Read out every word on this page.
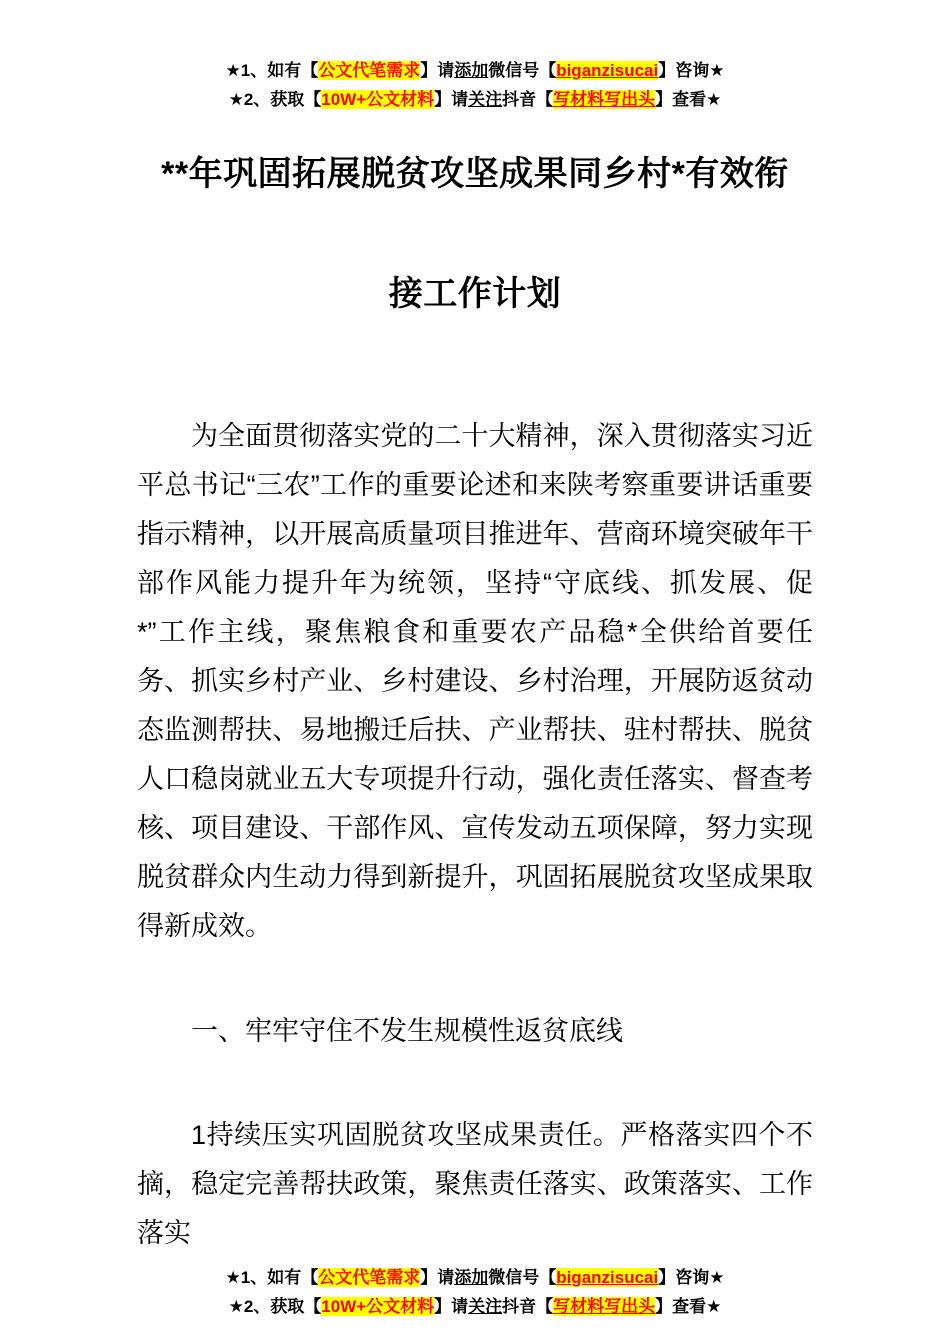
★1、如有【公文代笔需求】请添加微信号【biganzisucai】咨询★
★2、获取【10W+公文材料】请关注抖音【写材料写出头】查看★
**年巩固拓展脱贫攻坚成果同乡村*有效衔
接工作计划
为全面贯彻落实党的二十大精神，深入贯彻落实习近平总书记“三农”工作的重要论述和来陕考察重要讲话重要指示精神，以开展高质量项目推进年、营商环境突破年干部作风能力提升年为统领，坚持“守底线、抓发展、促*”工作主线，聚焦粮食和重要农产品稳*全供给首要任务、抓实乡村产业、乡村建设、乡村治理，开展防返贫动态监测帮扶、易地搬迁后扶、产业帮扶、驻村帮扶、脱贫人口稳岗就业五大专项提升行动，强化责任落实、督查考核、项目建设、干部作风、宣传发动五项保障，努力实现脱贫群众内生动力得到新提升，巩固拓展脱贫攻坚成果取得新成效。
一、牢牢守住不发生规模性返贫底线
1持续压实巩固脱贫攻坚成果责任。严格落实四个不摘，稳定完善帮扶政策，聚焦责任落实、政策落实、工作落实
★1、如有【公文代笔需求】请添加微信号【biganzisucai】咨询★
★2、获取【10W+公文材料】请关注抖音【写材料写出头】查看★
